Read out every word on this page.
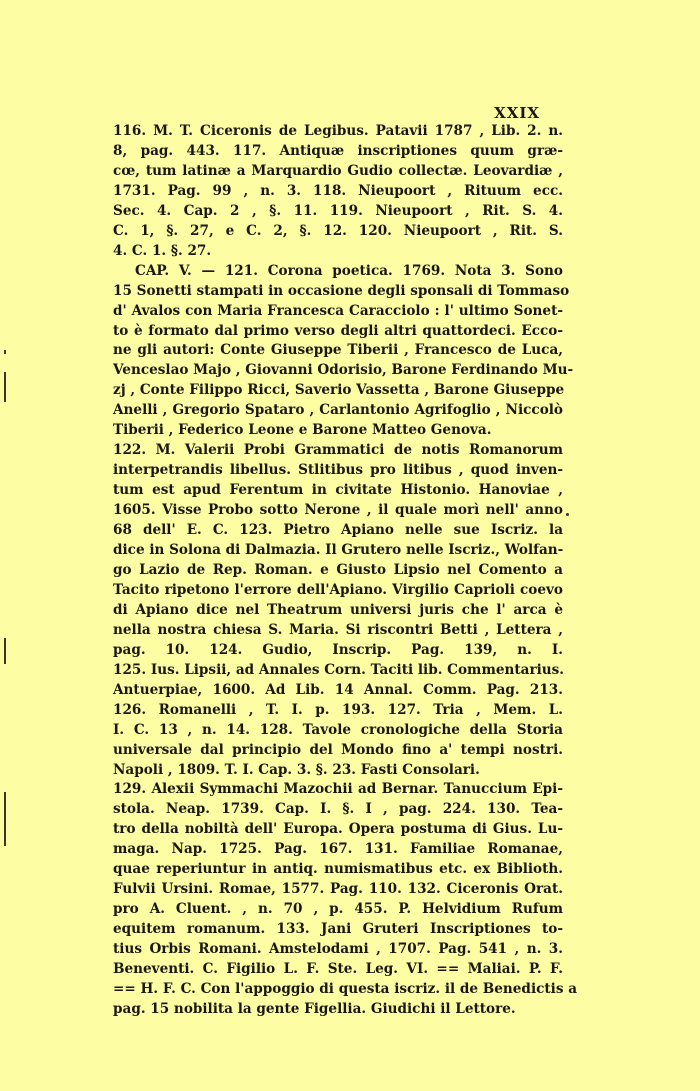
XXIX
116. M. T. Ciceronis de Legibus. Patavii 1787 , Lib. 2. n.
8, pag. 443. 117. Antiquæ inscriptiones quum græ-
cœ, tum latinæ a Marquardio Gudio collectæ. Leovardiæ ,
1731. Pag. 99 , n. 3. 118. Nieupoort , Rituum ecc.
Sec. 4. Cap. 2 , §. 11. 119. Nieupoort , Rit. S. 4.
C. 1, §. 27, e C. 2, §. 12. 120. Nieupoort , Rit. S.
4. C. 1. §. 27.
CAP. V. — 121. Corona poetica. 1769. Nota 3. Sono
15 Sonetti stampati in occasione degli sponsali di Tommaso
d' Avalos con Maria Francesca Caracciolo : l' ultimo Sonet-
to è formato dal primo verso degli altri quattordeci. Ecco-
ne gli autori: Conte Giuseppe Tiberii , Francesco de Luca,
Venceslao Majo , Giovanni Odorisio, Barone Ferdinando Mu-
zj , Conte Filippo Ricci, Saverio Vassetta , Barone Giuseppe
Anelli , Gregorio Spataro , Carlantonio Agrifoglio , Niccolò
Tiberii , Federico Leone e Barone Matteo Genova.
122. M. Valerii Probi Grammatici de notis Romanorum
interpetrandis libellus. Stlitibus pro litibus , quod inven-
tum est apud Ferentum in civitate Histonio. Hanoviae ,
1605. Visse Probo sotto Nerone , il quale morì nell' anno
68 dell' E. C. 123. Pietro Apiano nelle sue Iscriz. la
dice in Solona di Dalmazia. Il Grutero nelle Iscriz., Wolfan-
go Lazio de Rep. Roman. e Giusto Lipsio nel Comento a
Tacito ripetono l'errore dell'Apiano. Virgilio Caprioli coevo
di Apiano dice nel Theatrum universi juris che l' arca è
nella nostra chiesa S. Maria. Si riscontri Betti , Lettera ,
pag. 10. 124. Gudio, Inscrip. Pag. 139, n. I.
125. Ius. Lipsii, ad Annales Corn. Taciti lib. Commentarius.
Antuerpiae, 1600. Ad Lib. 14 Annal. Comm. Pag. 213.
126. Romanelli , T. I. p. 193. 127. Tria , Mem. L.
I. C. 13 , n. 14. 128. Tavole cronologiche della Storia
universale dal principio del Mondo fino a' tempi nostri.
Napoli , 1809. T. I. Cap. 3. §. 23. Fasti Consolari.
129. Alexii Symmachi Mazochii ad Bernar. Tanuccium Epi-
stola. Neap. 1739. Cap. I. §. I , pag. 224. 130. Tea-
tro della nobiltà dell' Europa. Opera postuma di Gius. Lu-
maga. Nap. 1725. Pag. 167. 131. Familiae Romanae,
quae reperiuntur in antiq. numismatibus etc. ex Biblioth.
Fulvii Ursini. Romae, 1577. Pag. 110. 132. Ciceronis Orat.
pro A. Cluent. , n. 70 , p. 455. P. Helvidium Rufum
equitem romanum. 133. Jani Gruteri Inscriptiones to-
tius Orbis Romani. Amstelodami , 1707. Pag. 541 , n. 3.
Beneventi. C. Figilio L. F. Ste. Leg. VI. == Maliai. P. F.
== H. F. C. Con l'appoggio di questa iscriz. il de Benedictis a
pag. 15 nobilita la gente Figellia. Giudichi il Lettore.
